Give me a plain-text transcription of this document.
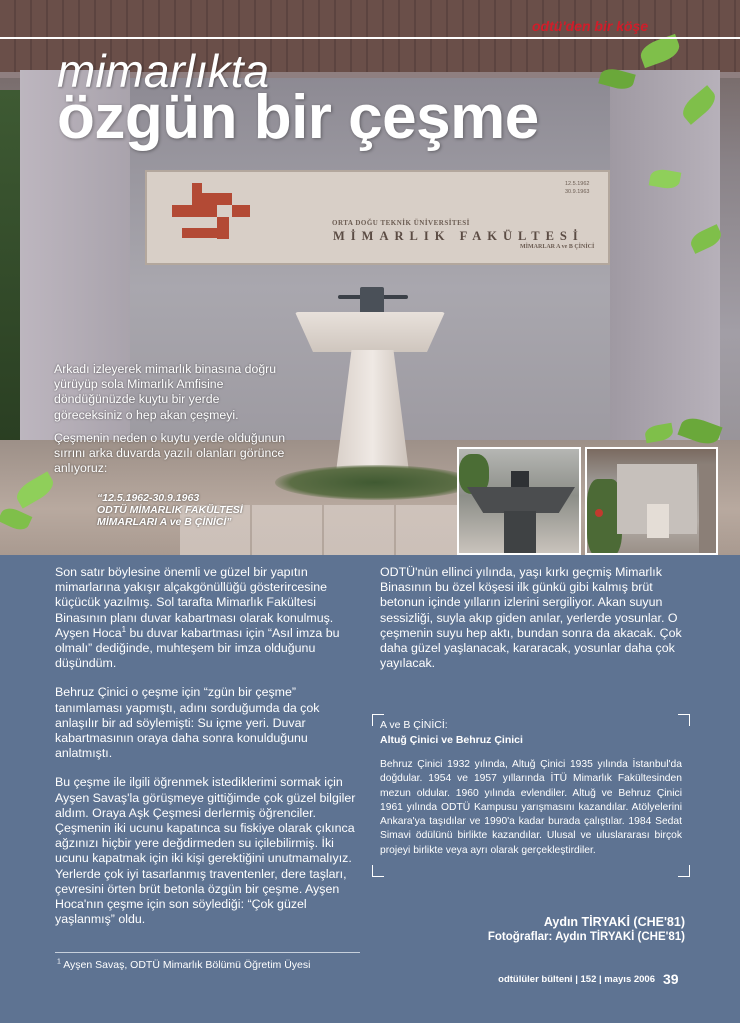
ORTA DOĞU TEKNİK ÜNİVERSİTESİ
MİMARLIK FAKÜLTESİ
MİMARLAR A ve B ÇİNİCİ
12.5.1962
30.9.1963
odtü'den bir köşe
mimarlıkta
özgün bir çeşme

Arkadı izleyerek mimarlık binasına doğru yürüyüp sola Mimarlık Amfisine döndüğünüzde kuytu bir yerde göreceksiniz o hep akan çeşmeyi.

Çeşmenin neden o kuytu yerde olduğunun sırrını arka duvarda yazılı olanları görünce anlıyoruz:

“12.5.1962-30.9.1963
ODTÜ MİMARLIK FAKÜLTESİ
MİMARLARI A ve B ÇİNİCİ”

Son satır böylesine önemli ve güzel bir yapıtın mimarlarına yakışır alçakgönüllüğü gösterircesine küçücük yazılmış. Sol tarafta Mimarlık Fakültesi Binasının planı duvar kabartması olarak konulmuş. Ayşen Hoca$^1$ bu duvar kabartması için “Asıl imza bu olmalı” dediğinde, muhteşem bir imza olduğunu düşündüm.

Behruz Çinici o çeşme için “zgün bir çeşme” tanımlaması yapmıştı, adını sorduğumda da çok anlaşılır bir ad söylemişti: Su içme yeri. Duvar kabartmasının oraya daha sonra konulduğunu anlatmıştı.

Bu çeşme ile ilgili öğrenmek istediklerimi sormak için Ayşen Savaş'la görüşmeye gittiğimde çok güzel bilgiler aldım. Oraya Aşk Çeşmesi derlermiş öğrenciler. Çeşmenin iki ucunu kapatınca su fiskiye olarak çıkınca ağzınızı hiçbir yere değdirmeden su içilebilirmiş. İki ucunu kapatmak için iki kişi gerektiğini unutmamalıyız. Yerlerde çok iyi tasarlanmış traventenler, dere taşları, çevresini örten brüt betonla özgün bir çeşme. Ayşen Hoca'nın çeşme için son söylediği: “Çok güzel yaşlanmış” oldu.

ODTÜ'nün ellinci yılında, yaşı kırkı geçmiş Mimarlık Binasının bu özel köşesi ilk günkü gibi kalmış brüt betonun içinde yılların izlerini sergiliyor. Akan suyun sessizliği, suyla akıp giden anılar, yerlerde yosunlar. O çeşmenin suyu hep aktı, bundan sonra da akacak. Çok daha güzel yaşlanacak, kararacak, yosunlar daha çok yayılacak.

A ve B ÇİNİCİ:
Altuğ Çinici ve Behruz Çinici
Behruz Çinici 1932 yılında, Altuğ Çinici 1935 yılında İstanbul'da doğdular. 1954 ve 1957 yıllarında İTÜ Mimarlık Fakültesinden mezun oldular. 1960 yılında evlendiler. Altuğ ve Behruz Çinici 1961 yılında ODTÜ Kampusu yarışmasını kazandılar. Atölyelerini Ankara'ya taşıdılar ve 1990'a kadar burada çalıştılar. 1984 Sedat Simavi ödülünü birlikte kazandılar. Ulusal ve uluslararası birçok projeyi birlikte veya ayrı olarak gerçekleştirdiler.
Aydın TİRYAKİ (CHE'81)
Fotoğraflar: Aydın TİRYAKİ (CHE'81)
$^1$ Ayşen Savaş, ODTÜ Mimarlık Bölümü Öğretim Üyesi
odtülüler bülteni | 152 | mayıs 2006 39
